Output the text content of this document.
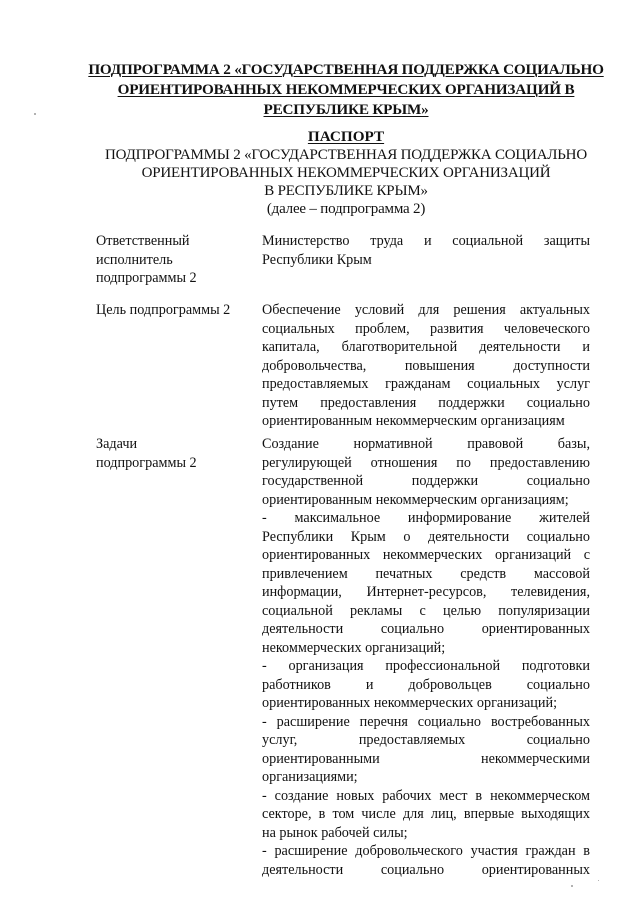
ПОДПРОГРАММА 2 «ГОСУДАРСТВЕННАЯ ПОДДЕРЖКА СОЦИАЛЬНО
ОРИЕНТИРОВАННЫХ НЕКОММЕРЧЕСКИХ ОРГАНИЗАЦИЙ В
РЕСПУБЛИКЕ КРЫМ»
ПАСПОРТ
ПОДПРОГРАММЫ 2 «ГОСУДАРСТВЕННАЯ ПОДДЕРЖКА СОЦИАЛЬНО
ОРИЕНТИРОВАННЫХ НЕКОММЕРЧЕСКИХ ОРГАНИЗАЦИЙ
В РЕСПУБЛИКЕ КРЫМ»
(далее – подпрограмма 2)
Ответственный
исполнитель
подпрограммы 2
Министерство труда и социальной защиты
Республики Крым
Цель подпрограммы 2	Обеспечение условий для решения актуальных
социальных проблем, развития человеческого
капитала, благотворительной деятельности и
добровольчества, повышения доступности
предоставляемых гражданам социальных услуг
путем предоставления поддержки социально
ориентированным некоммерческим организациям
Задачи
подпрограммы 2
Создание нормативной правовой базы,
регулирующей отношения по предоставлению
государственной поддержки социально
ориентированным некоммерческим организациям;
- максимальное информирование жителей
Республики Крым о деятельности социально
ориентированных некоммерческих организаций с
привлечением печатных средств массовой
информации, Интернет-ресурсов, телевидения,
социальной рекламы с целью популяризации
деятельности социально ориентированных
некоммерческих организаций;
- организация профессиональной подготовки
работников и добровольцев социально
ориентированных некоммерческих организаций;
- расширение перечня социально востребованных
услуг, предоставляемых социально
ориентированными некоммерческими
организациями;
- создание новых рабочих мест в некоммерческом
секторе, в том числе для лиц, впервые выходящих
на рынок рабочей силы;
- расширение добровольческого участия граждан в
деятельности социально ориентированных
